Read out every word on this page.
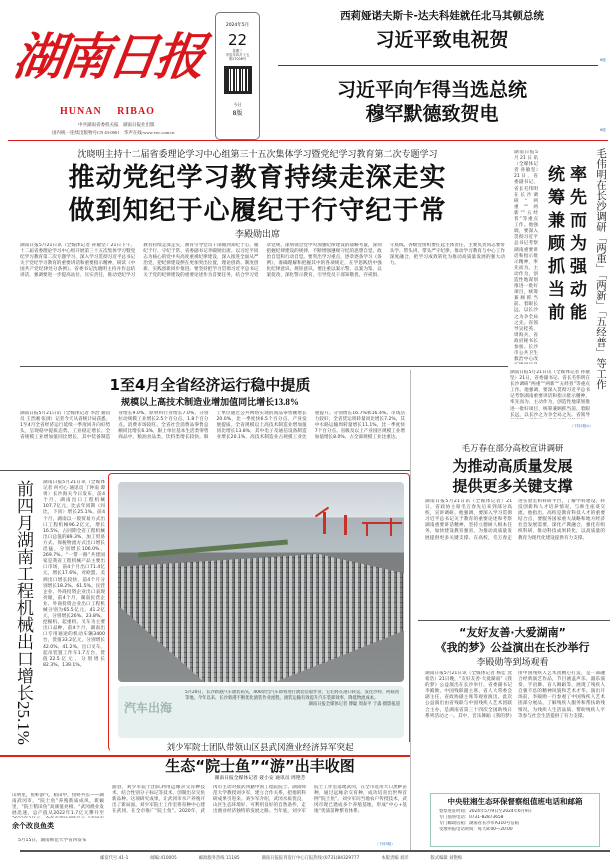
湖南日报
HUNAN RIBAO
中共湖南省委机关报　湖南日报社出版
国内统一连续出版物号CN 43-0001　华声在线:www.voc.com.cn
2024年5月
22
星期三
甲辰年四月十五
第27006号
今日
8版
西莉娅诺夫斯卡-达夫科娃就任北马其顿总统
习近平致电祝贺
6版
习近平向乍得当选总统
穆罕默德致贺电
6版
沈晓明主持十二届省委理论学习中心组第三十五次集体学习暨党纪学习教育第二次专题学习
推动党纪学习教育持续走深走实
做到知纪于心履纪于行守纪于常
李殿勋出席
湖南日报5月21日讯（全媒体记者 孙敏坚）21日下午，十二届省委理论学习中心组开展第三十五次集体学习暨党纪学习教育第二次专题学习，深入学习贯彻习近平总书记关于党纪学习教育的重要讲话和重要指示精神，研读《中国共产党纪律处分条例》。省委书记沈晓明主持并作总结讲话，强调要进一步提高站位、压实责任，推动党纪学习教育持续走深走实，教育引导党员干部做到知纪于心、履纪于行、守纪于常。省委副书记李殿勋出席。以习近平同志为核心的党中央高度重视纪律建设，深入推进全面从严治党，把纪律建设摆在更加突出位置，理论创新、制度创新、实践创新同步推进。要坚持把学习贯彻习近平总书记关于党的纪律建设的重要论述作为首要任务，结合学习党章党规，深刻领会党中央加强纪律建设的战略考量，深刻把握纪律建设的规律，不断增强遵规守纪的思想自觉、政治自觉和行动自觉。要突出学习重点，逐章逐条学习《条例》，准确理解和把握其中的各项规定，在学思践悟中强化纪律意识、规矩意识。要注重以案示警、以案为鉴、以案促改，深化警示教育，引导党员干部知敬畏、存戒惧、守底线。各级党组织要扛起主体责任，主要负责同志要带头学、带头讲、带头严守纪律，推动学习教育与中心工作深度融合，把学习成效转化为推动高质量发展的强大动力。
湖南日报5月21日讯（全媒体记者 孙敏坚）21日，省委副书记、省长毛伟明在长沙调研“两重”“两新”“五经普”等重点工作。他强调，要深入贯彻习近平总书记考察湖南重要讲话和指示批示精神，率先而为、主动作为，创造性地谋划推进一批好项目，统筹兼顾抓当前、着眼长远，以长沙之为争全局之先。省领导吴桂英、周海兵，省政府秘书长参加。长沙市公共卫生救治中心改
统筹兼顾抓当前 率先而为强动能 毛伟明在长沙调研「两重」「两新」「五经普」等工作
湖南日报5月21日讯（全媒体记者 孙敏坚）21日，省委副书记、省长毛伟明在长沙调研“两重”“两新”“五经普”等重点工作。他强调，要深入贯彻习近平总书记考察湖南重要讲话和指示批示精神，率先而为、主动作为，创造性地谋划推进一批好项目，统筹兼顾抓当前、着眼长远，以长沙之为争全局之先。省领导
（下转2版①）
1至4月全省经济运行稳中提质
规模以上高技术制造业增加值同比增长13.8%
湖南日报5月21日讯（全媒体记者 李治 通讯员 王晋湘 张浏）记者今天从省统计局获悉，1至4月全省经济运行延续一季度回升向好势头，呈现稳中提质态势。工业稳定增长。全省规模工业增加值同比增长，其中装备制造业增长9.0%，原材料行业增长7.0%，分别拉动规模工业增长2.5个百分点、1.8个百分点。消费市场较旺。全省社会消费品零售总额同比增长6.3%，限上单位基本生活类零售商品中，粮油食品类、饮料类增长较快。限上单位通过公共网络实现的商品零售额增长20.0%，比一季度快6.5个百分点。产业发展提质。全省规模以上高技术制造业增加值同比增长13.8%，其中电子及通信设备制造业增长20.1%，高技术制造业占规模工业比重提升。分别增长16.7%和16.4%。市场活力较好，全省货运周转量同比增长7.2%，其中水路运输周转量增长11.1%，比一季度快7个百分点。省级及以上产业园区规模工业增加值增长8.0%，占全部规模工业比重达。
前四月湖南工程机械出口增长25.1% 湖南日报5月21日讯（全媒体记者 何可心 通讯员 丁钟南 谭勇）长沙海关今日发布，前4个月，湖南出口工程机械107.7亿元，比去年同期（同比，下同）增长25.1%。前4个月，湖南以一般贸易方式出口工程机械96.2亿元，增长16.5%，占同期全省工程机械出口总值的89.3%，加工贸易方式、保税物流方式出口增长迅猛，分别增长106.0%、269.7%。“一带一路”共建国家是我省工程机械产品主要出口市场，前4个月出口71.4亿元，增长17.6%，对欧盟、美洲出口增长较快，前4个月分别增长18.2%、61.5%。民营企业、外商投资企业出口表现亮眼，前4个月，湖南民营企业、外商投资企业出口工程机械分别为65.5亿元、41.2亿元，分别增长26%、23.8%。挖掘机、起重机、叉车为主要出口品种，前4个月，湖南出口专用通途的机动车辆3400台，货值33.2亿元，分别增长42.0%、41.2%。出口叉车、起吊装置工作车1.7万台，货值22.5亿元，分别增长82.3%、139.1%。
汽车出海
5月20日，长沙新港汽车滚装码头，400余台汽车即将进行滚装装船作业，它们将在港口转运，发往沙特、阿联酋等地。今年以来，长沙新港不断优化滚装作业流程，滚装运输有效提升汽车装卸效率，降低物流成本。
湖南日报全媒体记者 傅聪 周泰平 于淼 摄影报道
毛万春在部分高校宣讲调研
为推动高质量发展
提供更多关键支撑
湖南日报5月21日讯（全媒体记者）21日，省政协主席毛万春先后来到部分高校，宣讲调研。他强调，要深入学习贯彻习近平总书记关于教育的重要论述和考察湖南重要讲话精神，坚持立德树人根本任务，加快建设教育强省，为推动高质量发展提供更多关键支撑。在高校，毛万春走进实验室和科研平台，了解学科建设、科技创新和人才培养情况，与师生座谈交流。他指出，高校是教育科技人才的重要结合点，要服务国家重大战略和地方经济社会发展需要，深化产教融合，强化有组织科研，推动科技成果转化，以高质量的教育为现代化建设提供有力支撑。
“友好友善·大爱湖南”
《我的梦》公益演出在长沙举行
李殿勋等到场观看
湖南日报5月21日讯（全媒体记者 杨佳 沈希浩）21日晚，“友好友善·大爱湖南”《我的梦》公益演出在长沙举行。省委副书记李殿勋，中国残联副主席，省人大常委会副主任，省政协副主席等观看演出。此次公益演出由省残联与中国残疾人艺术团联合主办，是湖南省第三十四次全国助残日系列活动之一。其中，音乐舞蹈《我的梦》由中国残疾人艺术团精心打造，是一部融合经典演艺作品，节目涵盖声乐、器乐演奏、手语舞、盲人舞蹈等，展现了残疾人自强不息的精神风貌和艺术才华。演出开场前，李殿勋一行参观了中国残疾人艺术团部分展品，了解残疾人服务和帮扶助残情况，为残疾人生活品质、帮助残疾人平等参与社会生活提供了有力支撑。
中央驻湘生态环保督察组值班电话和邮箱
督察进驻时间：2024年5月9日至2024年6月9日
专门值班电话：0731-82873658
专门邮政信箱：湖南省长沙市A310号信箱
受理举报电话时间：每天8:00—20:00
刘少军院士团队带领山区县武冈渔业经济异军突起
生态“院士鱼”“游”出丰收图
湖南日报全媒体记者 聂小安 通讯员 周艳芳
涌县，刘少军院士团队利用远缘杂交育种技术，结合性别分子标记等技术，创制出杂交鱼新品种。这项研究成果，让武冈市水产养殖开出了新局面。刘少军院士工作室将育种中心建在武冈，在全市推广“院士鱼”。2020年，武冈市主动对接武冈籍中国工程院院士、湖南师范大学教授刘少军，建立合作关系，把他的科研成果引进来。刘少军介绍，武冈水质优良，山区生态环境好，可利用良好的自然条件，走出渔业经济独特的发展之路。当年底，刘少军院士工作室落地武冈，在全市选用大口黑鲈苗种，通过远缘杂交育种，成功培育出世界首例“院士鱼”。刘少军向当地农户传授技术，武冈市现已建成多个养殖基地，形成“中心+基地”优质苗种繁育体系。
（下转5版）
山明里，鱼虾游气，稻田中，鱼虾共长——湖南武冈市，“院士鱼”养殖新质成风，新颖里，“院士稻田鱼”高颜值亮相。“武冈渔业发展迅速，总产值从2022年1.7亿元攀升至
余个改良鱼类
5月15日，湖南师范大学省四发布
邮发代号 41-1	邮编:410005	邮政服务热线 11185	湖南日报报刊发行中心订报热线:(0731)84329777	本版责编 刘洋	版式编辑 刘艳梅
